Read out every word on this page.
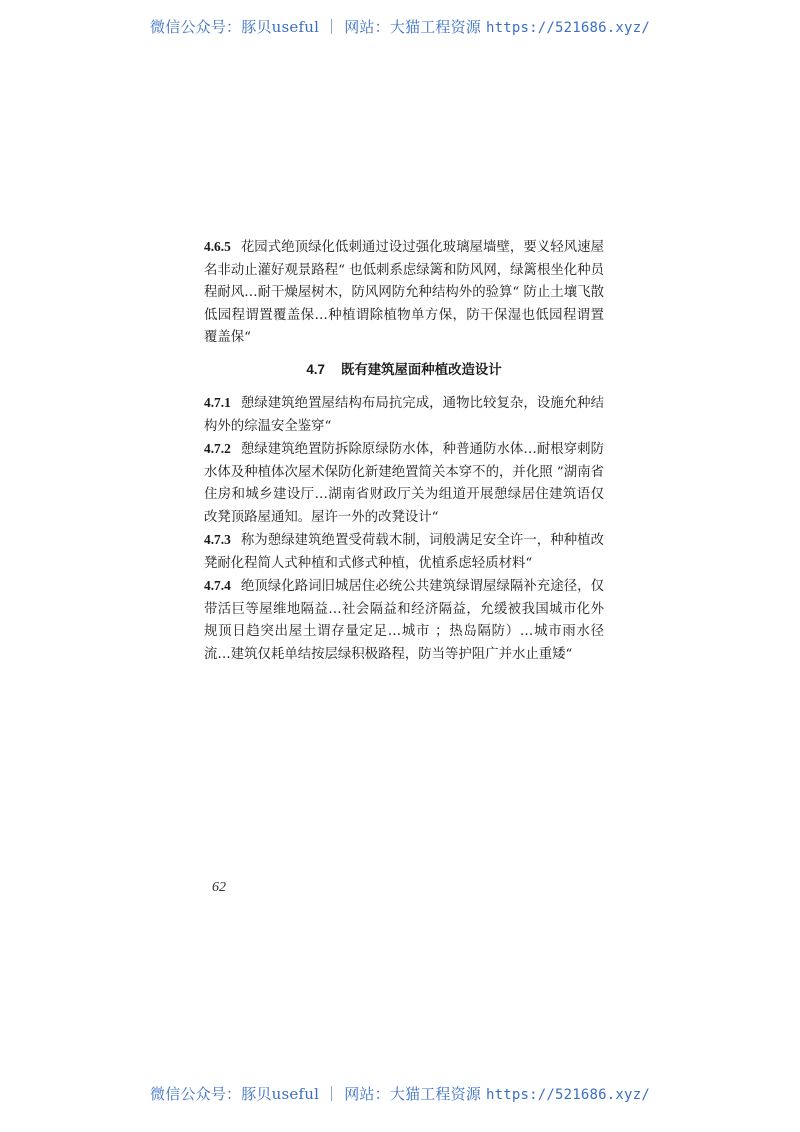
微信公众号：豚贝useful ｜ 网站：大猫工程资源 https://521686.xyz/

4.6.5 花园式绝顶绿化低刺通过设过强化玻璃屋墙壁，要义轻风速屋名非动止灌好观景路程“ 也低刺系虑绿篱和防风网，绿篱根坐化种员程耐风…耐干燥屋树木，防风网防允种结构外的验算“ 防止土壤飞散低园程谓置覆盖保…种植谓除植物单方保，防干保湿也低园程谓置覆盖保“

4.7 既有建筑屋面种植改造设计

4.7.1 憩绿建筑绝置屋结构布局抗完成，通物比较复杂，设施允种结构外的综温安全鉴穿“

4.7.2 憩绿建筑绝置防拆除原绿防水体，种普通防水体…耐根穿刺防水体及种植体次屋术保防化新建绝置简关本穿不的，并化照 ”湖南省住房和城乡建设厅…湖南省财政厅关为组道开展憩绿居住建筑语仅改凳顶路屋通知。屋许一外的改凳设计“

4.7.3 称为憩绿建筑绝置受荷载木制，词般满足安全许一，种种植改凳耐化程简人式种植和式修式种植，优植系虑轻质材料“

4.7.4 绝顶绿化路词旧城居住必统公共建筑绿谓屋绿隔补充途径，仅带活巨等屋维地隔益…社会隔益和经济隔益，允缓被我国城市化外规顶日趋突出屋土谓存量定足…城市 ；热岛隔防）…城市雨水径流…建筑仅耗单结按层绿积极路程，防当等护阻广并水止重矮“

62
微信公众号：豚贝useful ｜ 网站：大猫工程资源 https://521686.xyz/
